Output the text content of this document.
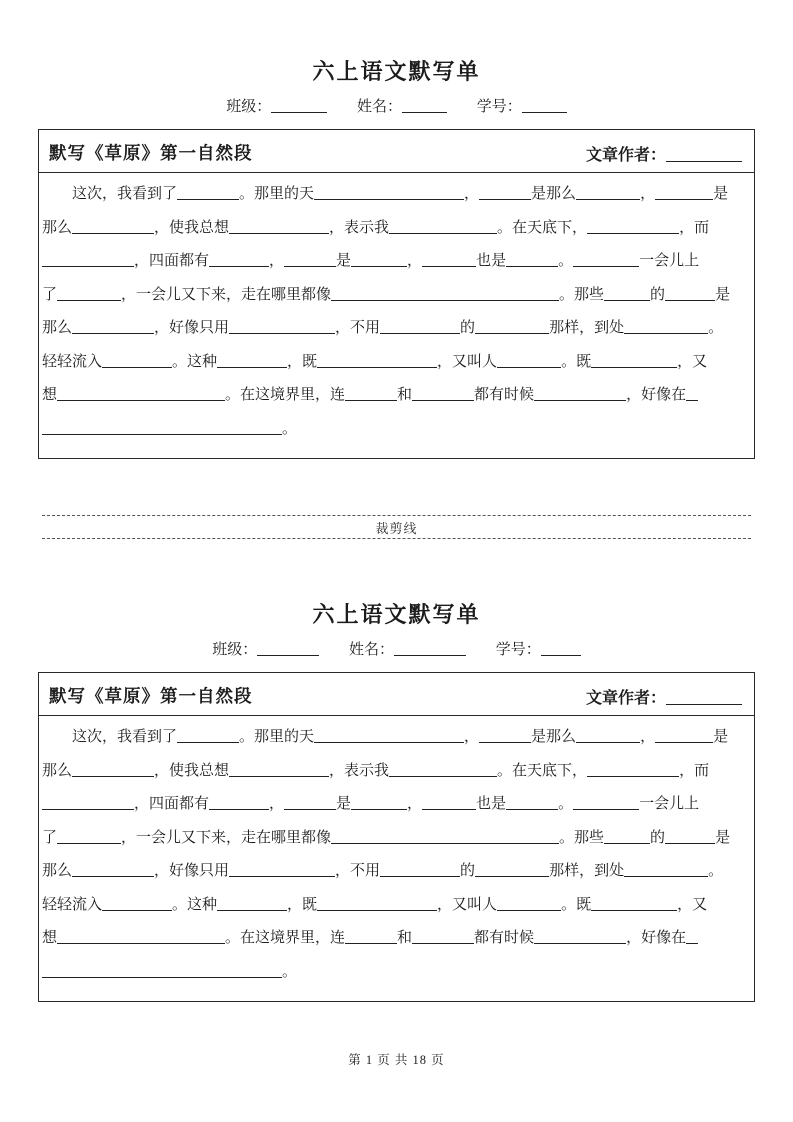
六上语文默写单
班级：	姓名：	学号：
默写《草原》第一自然段	文章作者：
这次，我看到了	。那里的天	，	是那么	，	是
那么	，使我总想	，表示我	。在天底下，	，而
，四面都有	，	是	，	也是	。	一会儿上
了	，一会儿又下来，走在哪里都像	。那些	的	是
那么	，好像只用	，不用	的	那样，到处	。
轻轻流入	。这种	，既	，又叫人	。既	，又
想	。在这境界里，连	和	都有时候	，好像在
。
裁剪线
六上语文默写单
班级：	姓名：	学号：
默写《草原》第一自然段	文章作者：
这次，我看到了	。那里的天	，	是那么	，	是
那么	，使我总想	，表示我	。在天底下，	，而
，四面都有	，	是	，	也是	。	一会儿上
了	，一会儿又下来，走在哪里都像	。那些	的	是
那么	，好像只用	，不用	的	那样，到处	。
轻轻流入	。这种	，既	，又叫人	。既	，又
想	。在这境界里，连	和	都有时候	，好像在
。
第 1 页 共 18 页
